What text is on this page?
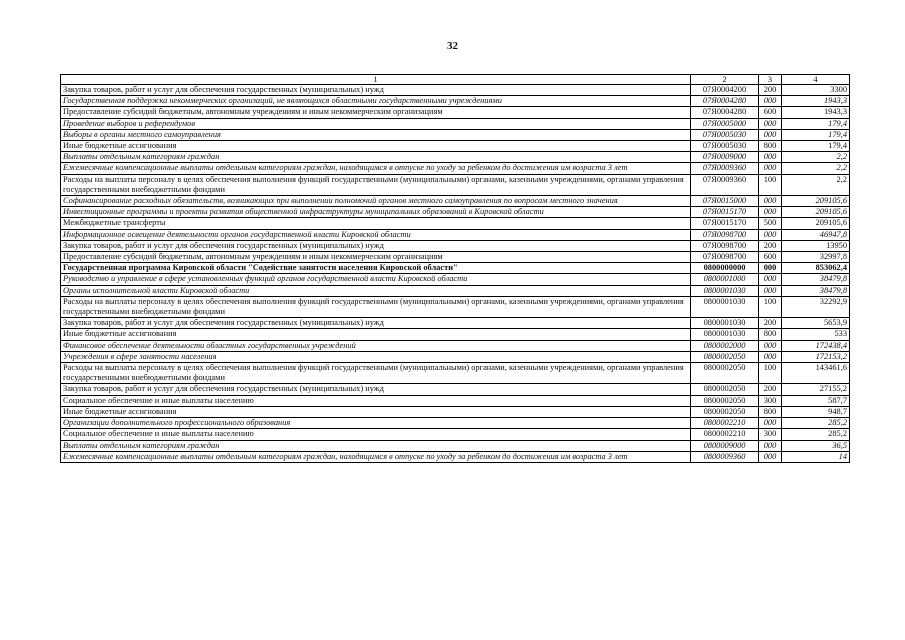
32
1	2	3	4
Закупка товаров, работ и услуг для обеспечения государственных (муниципальных) нужд	07Я0004200	200	3300
Государственная поддержка некоммерческих организаций, не являющихся областными государственными учреждениями	07Я0004280	000	1943,3
Предоставление субсидий бюджетным, автономным учреждениям и иным некоммерческим организациям	07Я0004280	600	1943,3
Проведение выборов и референдумов	07Я0005000	000	179,4
Выборы в органы местного самоуправления	07Я0005030	000	179,4
Иные бюджетные ассигнования	07Я0005030	800	179,4
Выплаты отдельным категориям граждан	07Я0009000	000	2,2
Ежемесячные компенсационные выплаты отдельным категориям граждан, находящимся в отпуске по уходу за ребенком до достижения им возраста 3 лет	07Я0009360	000	2,2
Расходы на выплаты персоналу в целях обеспечения выполнения функций государственными (муниципальными) органами, казенными учреждениями, органами управления государственными внебюджетными фондами	07Я0009360	100	2,2
Софинансирование расходных обязательств, возникающих при выполнении полномочий органов местного самоуправления по вопросам местного значения	07Я0015000	000	209105,6
Инвестиционные программы и проекты развития общественной инфраструктуры муниципальных образований в Кировской области	07Я0015170	000	209105,6
Межбюджетные трансферты	07Я0015170	500	209105,6
Информационное освещение деятельности органов государственной власти Кировской области	07Я0098700	000	46947,8
Закупка товаров, работ и услуг для обеспечения государственных (муниципальных) нужд	07Я0098700	200	13950
Предоставление субсидий бюджетным, автономным учреждениям и иным некоммерческим организациям	07Я0098700	600	32997,8
Государственная программа Кировской области "Содействие занятости населения Кировской области"	0800000000	000	853062,4
Руководство и управление в сфере установленных функций органов государственной власти Кировской области	0800001000	000	38479,8
Органы исполнительной власти Кировской области	0800001030	000	38479,8
Расходы на выплаты персоналу в целях обеспечения выполнения функций государственными (муниципальными) органами, казенными учреждениями, органами управления государственными внебюджетными фондами	0800001030	100	32292,9
Закупка товаров, работ и услуг для обеспечения государственных (муниципальных) нужд	0800001030	200	5653,9
Иные бюджетные ассигнования	0800001030	800	533
Финансовое обеспечение деятельности областных государственных учреждений	0800002000	000	172438,4
Учреждения в сфере занятости населения	0800002050	000	172153,2
Расходы на выплаты персоналу в целях обеспечения выполнения функций государственными (муниципальными) органами, казенными учреждениями, органами управления государственными внебюджетными фондами	0800002050	100	143461,6
Закупка товаров, работ и услуг для обеспечения государственных (муниципальных) нужд	0800002050	200	27155,2
Социальное обеспечение и иные выплаты населению	0800002050	300	587,7
Иные бюджетные ассигнования	0800002050	800	948,7
Организации дополнительного профессионального образования	0800002210	000	285,2
Социальное обеспечение и иные выплаты населению	0800002210	300	285,2
Выплаты отдельным категориям граждан	0800009000	000	36,5
Ежемесячные компенсационные выплаты отдельным категориям граждан, находящимся в отпуске по уходу за ребенком до достижения им возраста 3 лет	0800009360	000	14
